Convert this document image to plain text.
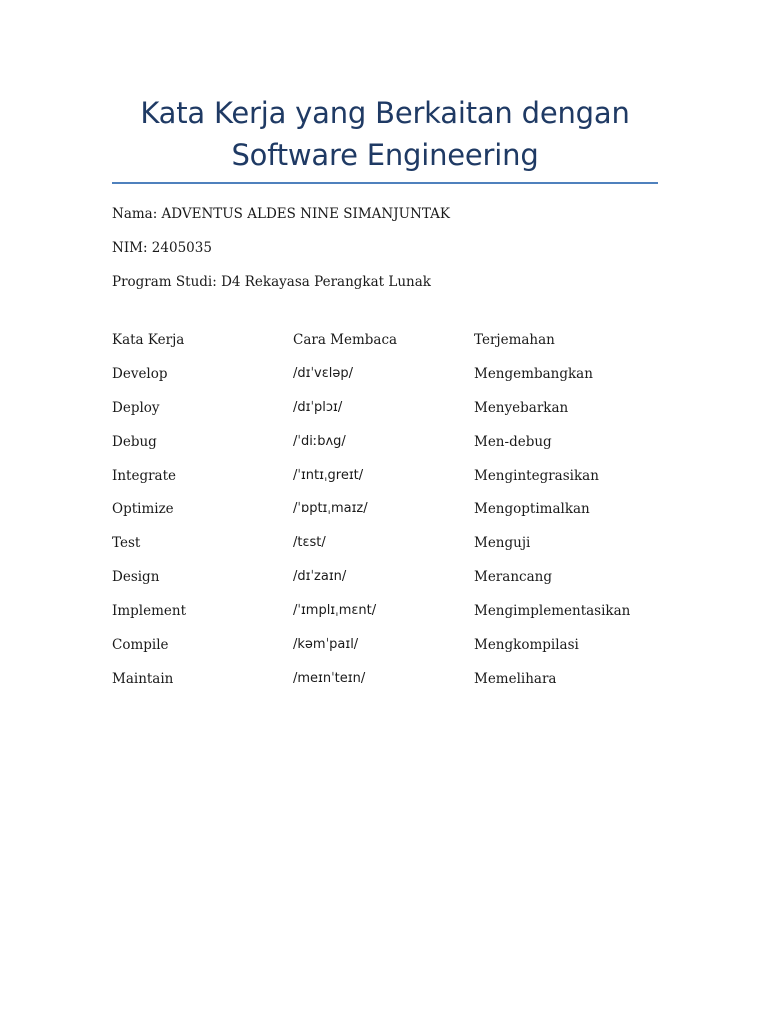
Kata Kerja yang Berkaitan dengan
Software Engineering
Nama: ADVENTUS ALDES NINE SIMANJUNTAK
NIM: 2405035
Program Studi: D4 Rekayasa Perangkat Lunak
Kata Kerja	Cara Membaca	Terjemahan
Develop	/dɪˈvɛləp/	Mengembangkan
Deploy	/dɪˈplɔɪ/	Menyebarkan
Debug	/ˈdiːbʌg/	Men-debug
Integrate	/ˈɪntɪˌgreɪt/	Mengintegrasikan
Optimize	/ˈɒptɪˌmaɪz/	Mengoptimalkan
Test	/tɛst/	Menguji
Design	/dɪˈzaɪn/	Merancang
Implement	/ˈɪmplɪˌmɛnt/	Mengimplementasikan
Compile	/kəmˈpaɪl/	Mengkompilasi
Maintain	/meɪnˈteɪn/	Memelihara
